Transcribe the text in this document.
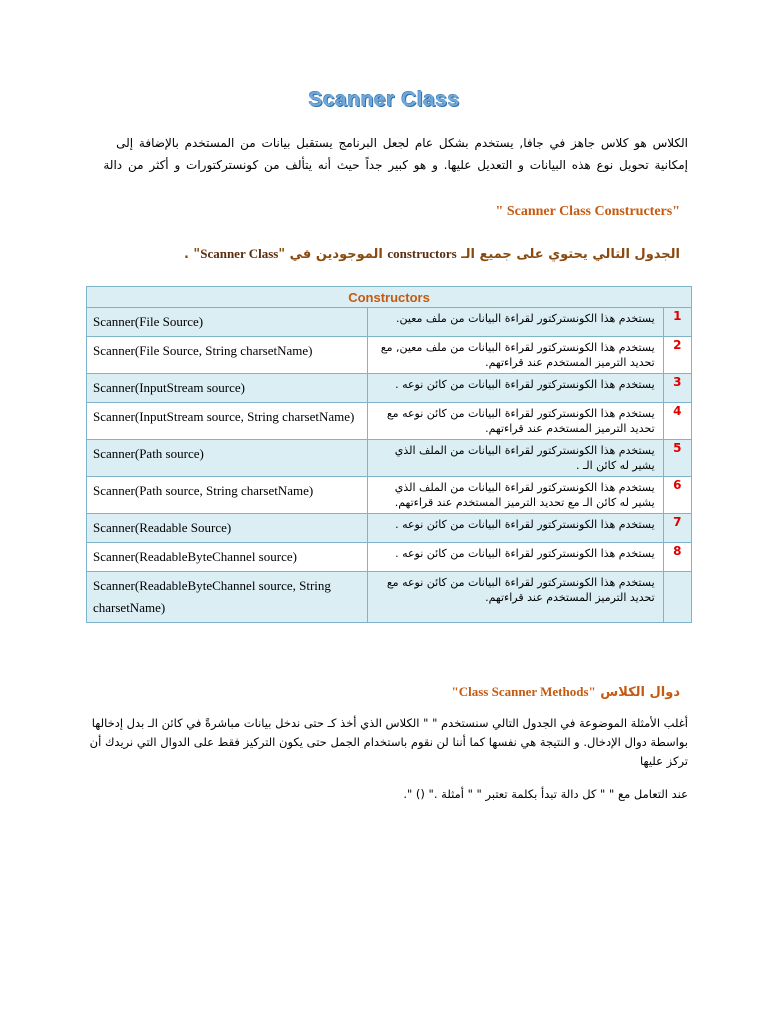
Scanner Class
الكلاس هو كلاس جاهز في جافا, يستخدم بشكل عام لجعل البرنامج يستقبل بيانات من المستخدم بالإضافة إلى إمكانية تحويل نوع هذه البيانات و التعديل عليها. و هو كبير جداً حيث أنه يتألف من كونستركتورات و أكثر من دالة
" Scanner Class Constructers"
الجدول التالي يحتوي على جميع الـ constructors الموجودين في "Scanner Class" .
Constructors		
Scanner(File Source)	يستخدم هذا الكونستركتور لقراءة البيانات من ملف معين.	1
Scanner(File Source, String charsetName)	يستخدم هذا الكونستركتور لقراءة البيانات من ملف معين, مع تحديد الترميز المستخدم عند قراءتهم.	2
Scanner(InputStream source)	يستخدم هذا الكونستركتور لقراءة البيانات من كائن نوعه .	3
Scanner(InputStream source, String charsetName)	يستخدم هذا الكونستركتور لقراءة البيانات من كائن نوعه مع تحديد الترميز المستخدم عند قراءتهم.	4
Scanner(Path source)	يستخدم هذا الكونستركتور لقراءة البيانات من الملف الذي يشير له كائن الـ .	5
Scanner(Path source, String charsetName)	يستخدم هذا الكونستركتور لقراءة البيانات من الملف الذي يشير له كائن الـ مع تحديد الترميز المستخدم عند قراءتهم.	6
Scanner(Readable Source)	يستخدم هذا الكونستركتور لقراءة البيانات من كائن نوعه .	7
Scanner(ReadableByteChannel source)	يستخدم هذا الكونستركتور لقراءة البيانات من كائن نوعه .	8
Scanner(ReadableByteChannel source, String charsetName)	يستخدم هذا الكونستركتور لقراءة البيانات من كائن نوعه مع تحديد الترميز المستخدم عند قراءتهم.	
دوال الكلاس "Class Scanner Methods"

أغلب الأمثلة الموضوعة في الجدول التالي سنستخدم " " الكلاس الذي أخذ كـ حتى ندخل بيانات مباشرةً في كائن الـ بدل إدخالها بواسطة دوال الإدخال. و النتيجة هي نفسها كما أننا لن نقوم باستخدام الجمل حتى يكون التركيز فقط على الدوال التي نريدك أن تركز عليها

عند التعامل مع " " كل دالة تبدأ بكلمة تعتبر " " أمثلة ." () ".
